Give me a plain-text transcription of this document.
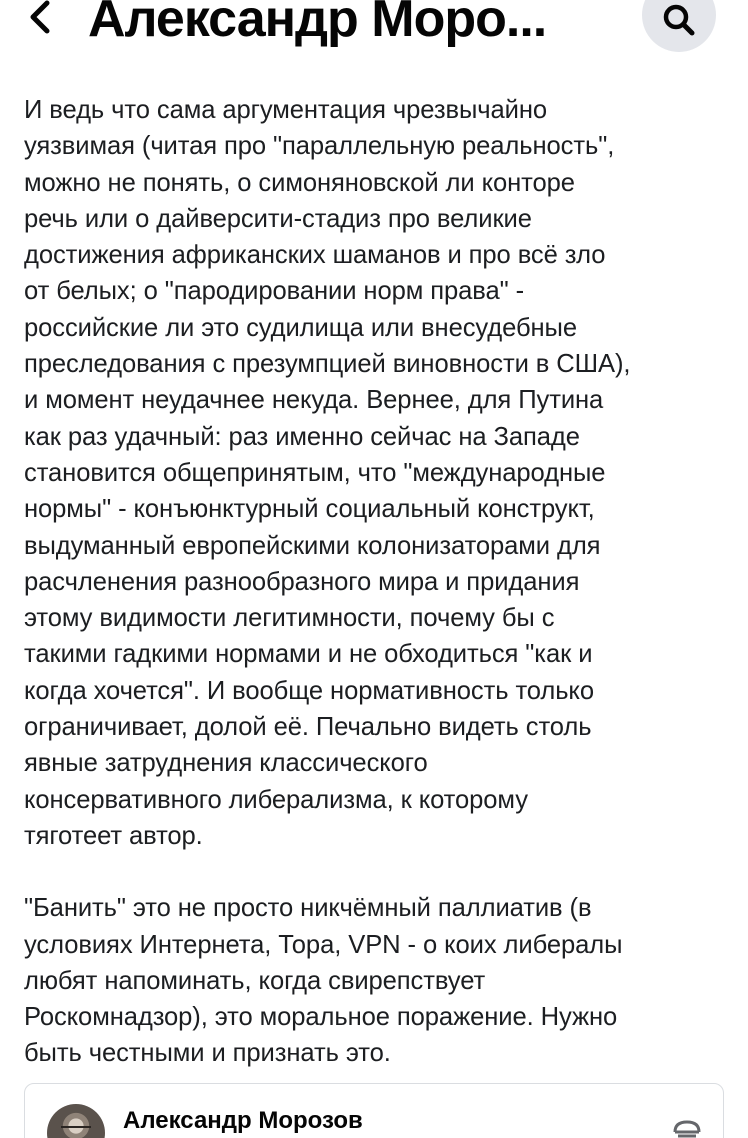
Александр Моро...

И ведь что сама аргументация чрезвычайно
уязвимая (читая про "параллельную реальность",
можно не понять, о симоняновской ли конторе
речь или о дайверсити-стадиз про великие
достижения африканских шаманов и про всё зло
от белых; о "пародировании норм права" -
российские ли это судилища или внесудебные
преследования с презумпцией виновности в США),
и момент неудачнее некуда. Вернее, для Путина
как раз удачный: раз именно сейчас на Западе
становится общепринятым, что "международные
нормы" - конъюнктурный социальный конструкт,
выдуманный европейскими колонизаторами для
расчленения разнообразного мира и придания
этому видимости легитимности, почему бы с
такими гадкими нормами и не обходиться "как и
когда хочется". И вообще нормативность только
ограничивает, долой её. Печально видеть столь
явные затруднения классического
консервативного либерализма, к которому
тяготеет автор.

"Банить" это не просто никчёмный паллиатив (в
условиях Интернета, Тора, VPN - о коих либералы
любят напоминать, когда свирепствует
Роскомнадзор), это моральное поражение. Нужно
быть честными и признать это.

Александр Морозов
